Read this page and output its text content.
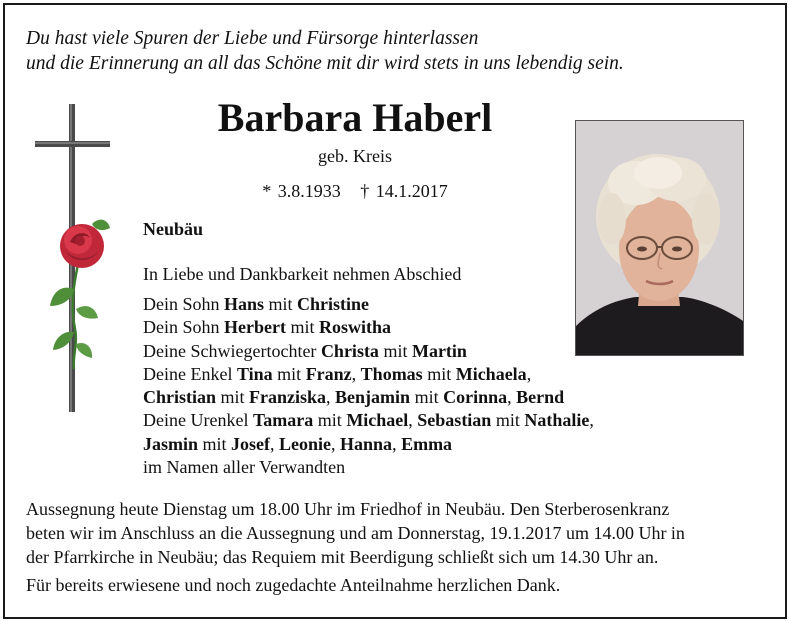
Du hast viele Spuren der Liebe und Fürsorge hinterlassen
und die Erinnerung an all das Schöne mit dir wird stets in uns lebendig sein.
Barbara Haberl
geb. Kreis
* 3.8.1933   † 14.1.2017
Neubäu
In Liebe und Dankbarkeit nehmen Abschied
Dein Sohn Hans mit Christine
Dein Sohn Herbert mit Roswitha
Deine Schwiegertochter Christa mit Martin
Deine Enkel Tina mit Franz, Thomas mit Michaela,
Christian mit Franziska, Benjamin mit Corinna, Bernd
Deine Urenkel Tamara mit Michael, Sebastian mit Nathalie,
Jasmin mit Josef, Leonie, Hanna, Emma
im Namen aller Verwandten
Aussegnung heute Dienstag um 18.00 Uhr im Friedhof in Neubäu. Den Sterberosenkranz
beten wir im Anschluss an die Aussegnung und am Donnerstag, 19.1.2017 um 14.00 Uhr in
der Pfarrkirche in Neubäu; das Requiem mit Beerdigung schließt sich um 14.30 Uhr an.
Für bereits erwiesene und noch zugedachte Anteilnahme herzlichen Dank.
